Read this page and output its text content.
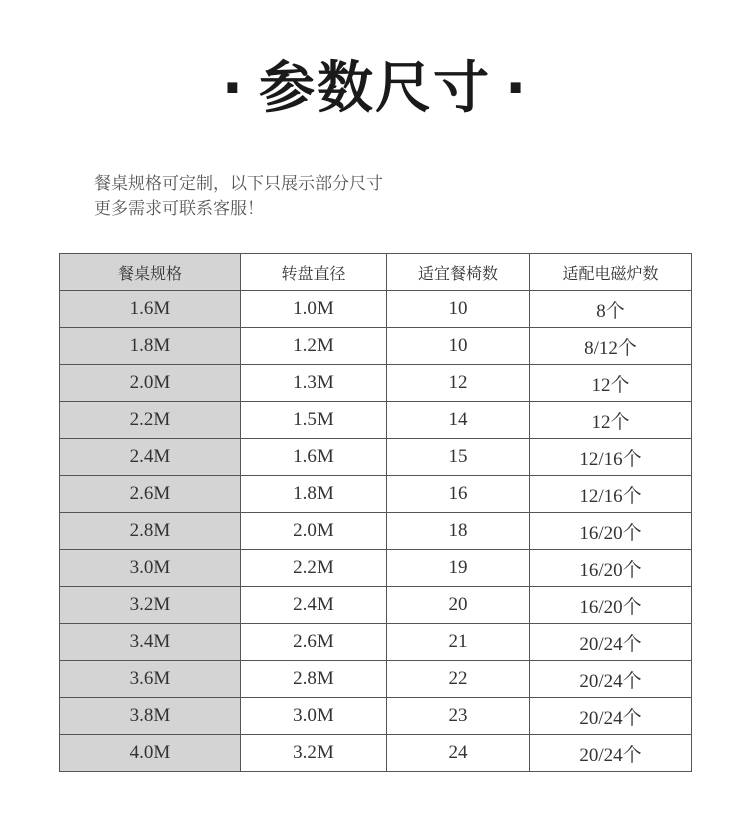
· 参数尺寸 ·
餐桌规格可定制，以下只展示部分尺寸
更多需求可联系客服！
餐桌规格	转盘直径	适宜餐椅数	适配电磁炉数
1.6M	1.0M	10	8个
1.8M	1.2M	10	8/12个
2.0M	1.3M	12	12个
2.2M	1.5M	14	12个
2.4M	1.6M	15	12/16个
2.6M	1.8M	16	12/16个
2.8M	2.0M	18	16/20个
3.0M	2.2M	19	16/20个
3.2M	2.4M	20	16/20个
3.4M	2.6M	21	20/24个
3.6M	2.8M	22	20/24个
3.8M	3.0M	23	20/24个
4.0M	3.2M	24	20/24个
